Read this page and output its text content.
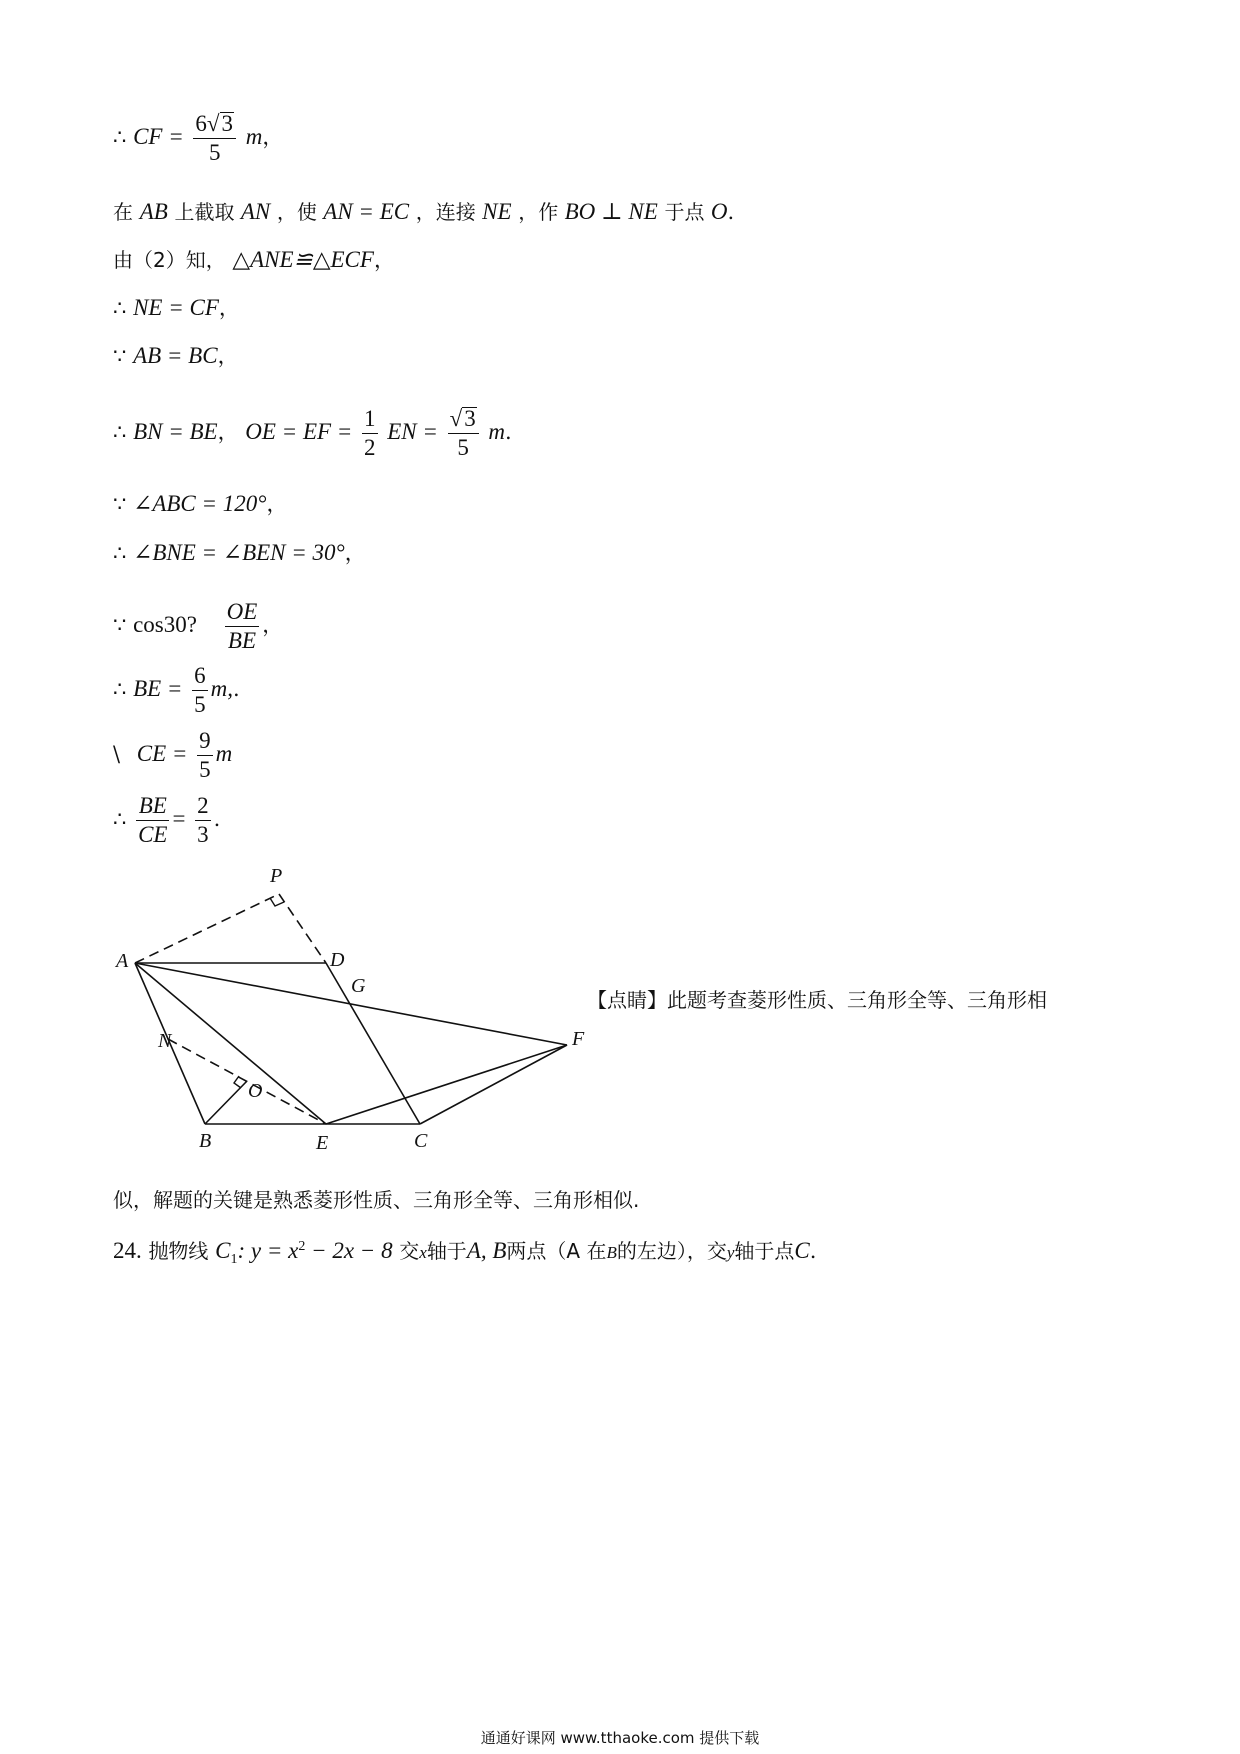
∴ CF = $\frac{6√3}{5}$ m，
在 AB 上截取 AN ，使 AN = EC ，连接 NE ，作 BO ⊥ NE 于点 O.
由（2）知， △ANE≌△ECF，
∴ NE = CF，
∵ AB = BC，
∴ BN = BE， OE = EF = $\frac{1}{2}$ EN = $\frac{√3}{5} m$.
∵ ∠ABC = 120°，
∴ ∠BNE = ∠BEN = 30°，
∵ cos30? $\frac{OE}{BE}$ ，
∴ BE = $\frac{6}{5} m$,.
\ CE = $\frac{9}{5}$ m
∴ $\frac{BE}{CE} = \frac{2}{3}$ .
P
A	D
G
F
N
O
B	E	C
【点睛】此题考查菱形性质、三角形全等、三角形相
似，解题的关键是熟悉菱形性质、三角形全等、三角形相似.
24. 抛物线 $C_1$: $y = x^2 - 2x - 8$ 交x轴于A, B两点（A 在B的左边），交y轴于点C.
通通好课网 www.tthaoke.com 提供下载
